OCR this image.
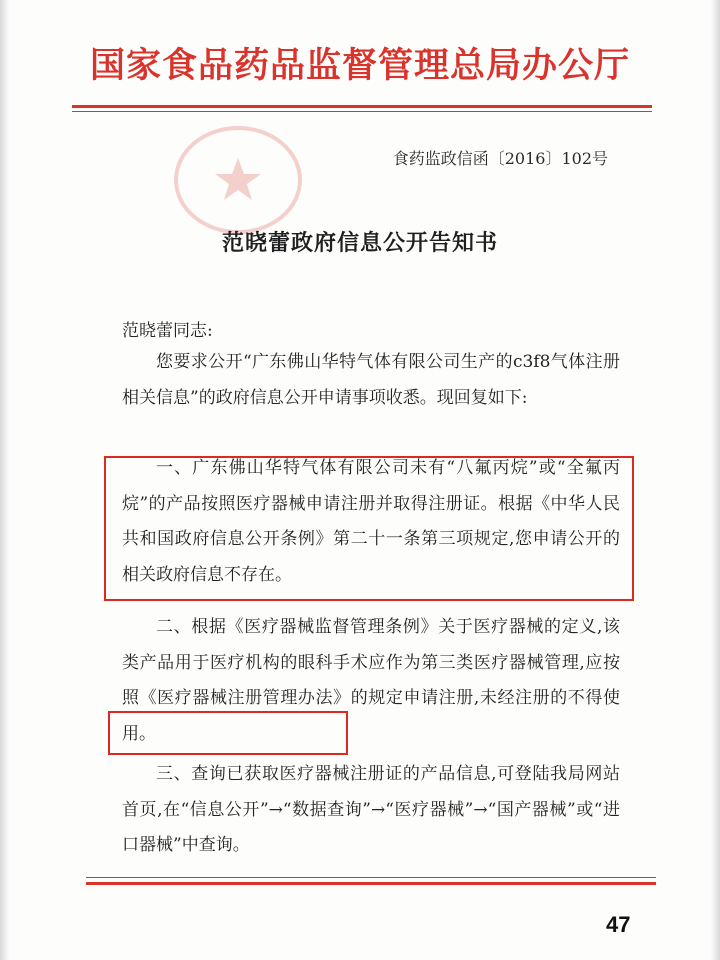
国家食品药品监督管理总局办公厅
食药监政信函〔2016〕102号
范晓蕾政府信息公开告知书
范晓蕾同志:
您要求公开“广东佛山华特气体有限公司生产的c3f8气体注册相关信息”的政府信息公开申请事项收悉。现回复如下:
一、广东佛山华特气体有限公司未有“八氟丙烷”或“全氟丙烷”的产品按照医疗器械申请注册并取得注册证。根据《中华人民共和国政府信息公开条例》第二十一条第三项规定,您申请公开的相关政府信息不存在。
二、根据《医疗器械监督管理条例》关于医疗器械的定义,该类产品用于医疗机构的眼科手术应作为第三类医疗器械管理,应按照《医疗器械注册管理办法》的规定申请注册,未经注册的不得使用。
三、查询已获取医疗器械注册证的产品信息,可登陆我局网站首页,在“信息公开”→“数据查询”→“医疗器械”→“国产器械”或“进口器械”中查询。
47
